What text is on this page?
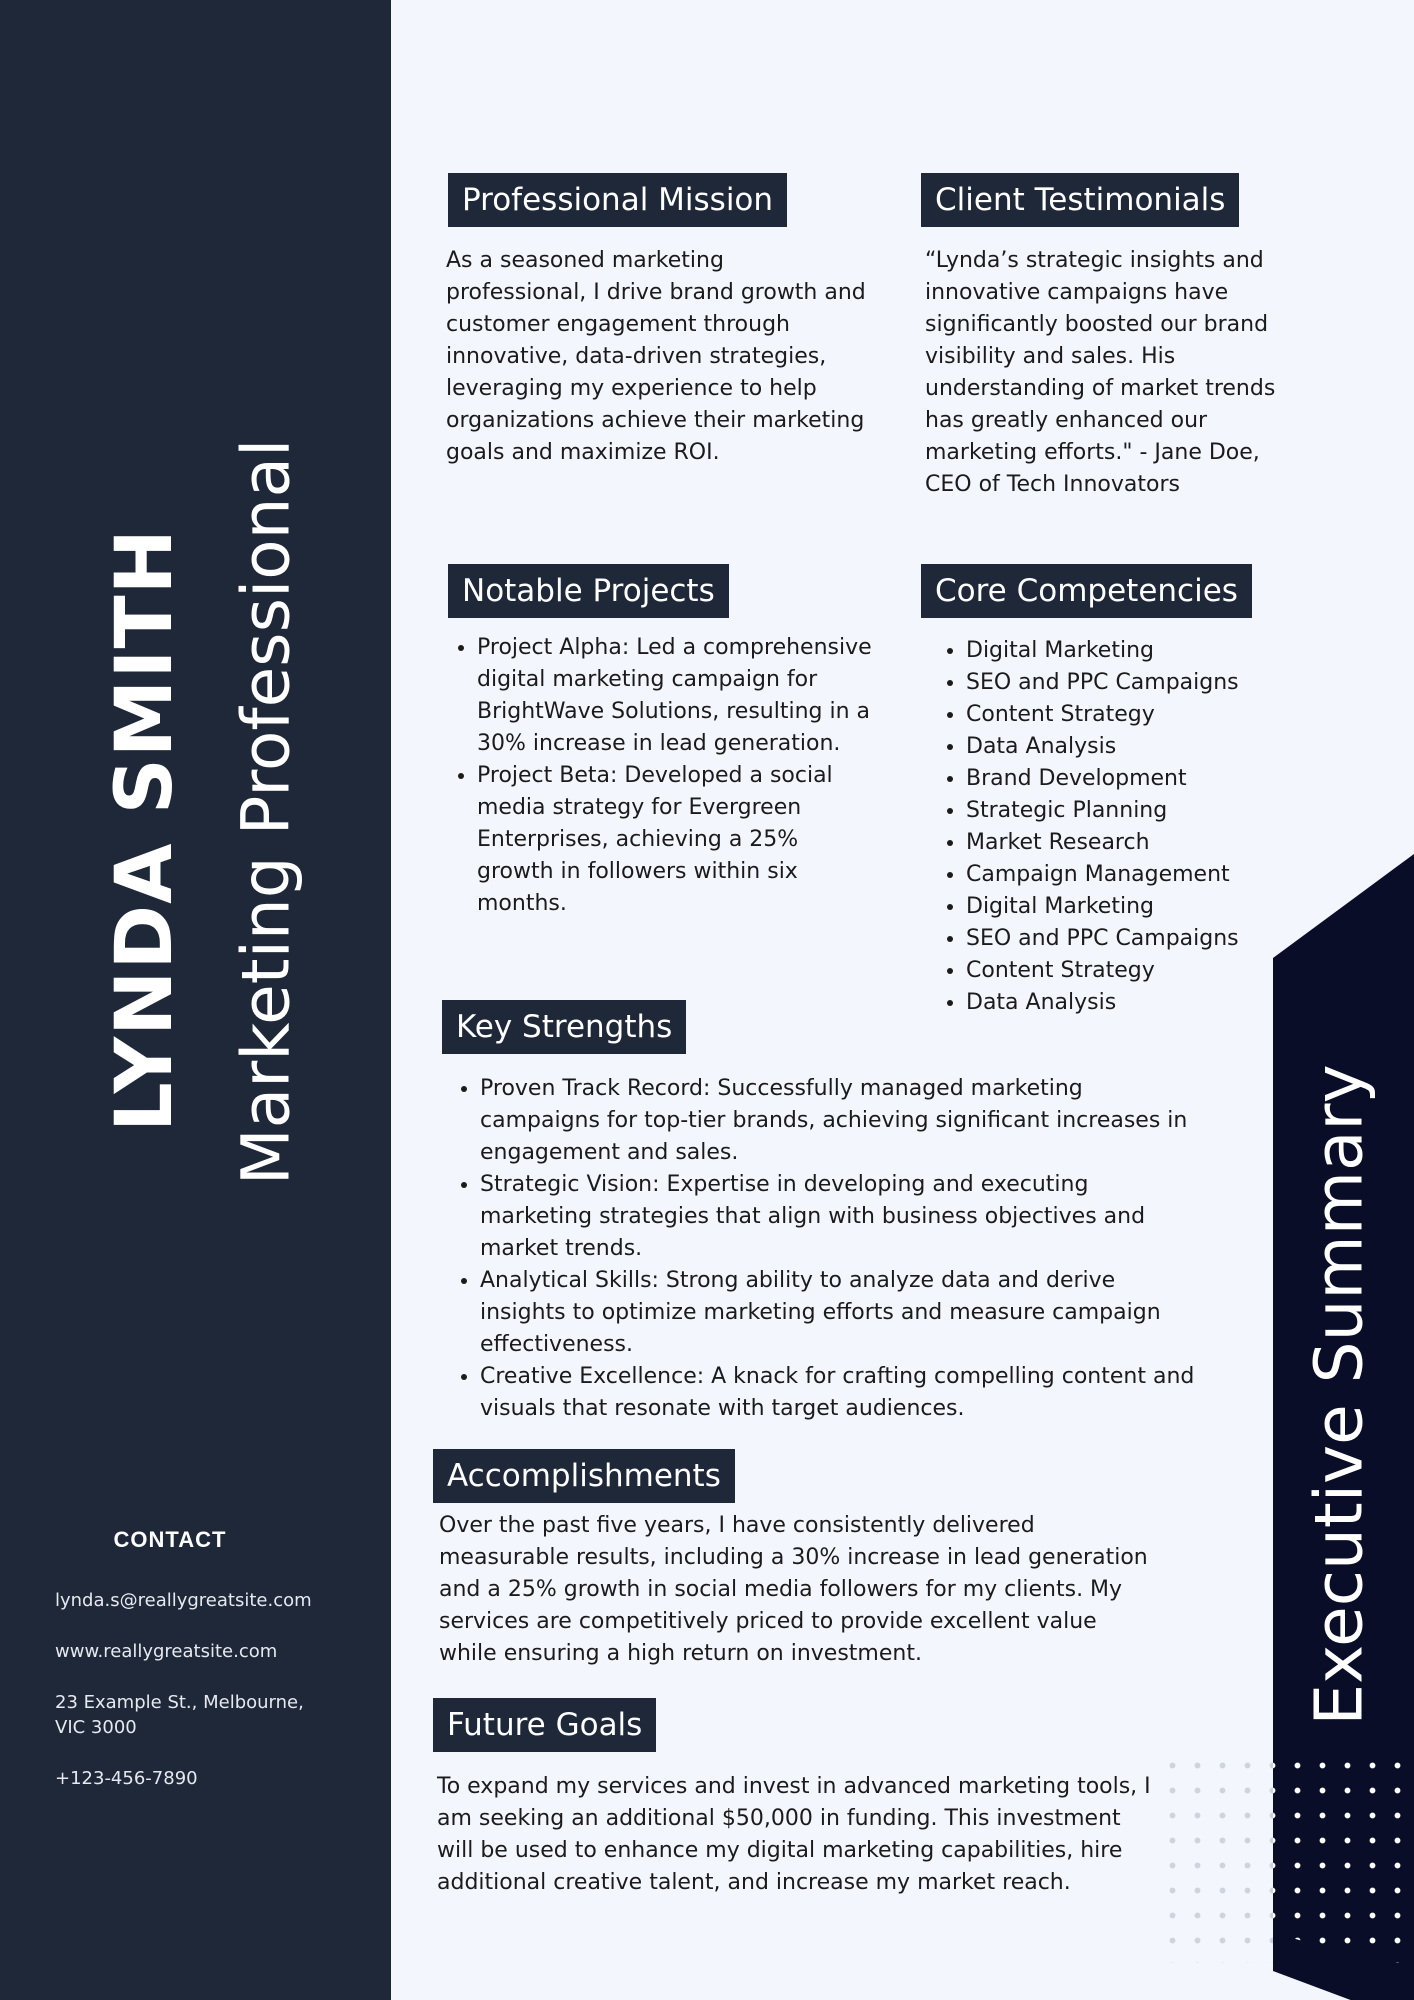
LYNDA SMITH Marketing Professional
CONTACT
lynda.s@reallygreatsite.com
www.reallygreatsite.com
23 Example St., Melbourne,
VIC 3000
+123-456-7890
Professional Mission

As a seasoned marketing professional, I drive brand growth and customer engagement through innovative, data-driven strategies, leveraging my experience to help organizations achieve their marketing goals and maximize ROI.

Client Testimonials

“Lynda’s strategic insights and innovative campaigns have significantly boosted our brand visibility and sales. His understanding of market trends has greatly enhanced our marketing efforts." - Jane Doe, CEO of Tech Innovators

Notable Projects
• Project Alpha: Led a comprehensive digital marketing campaign for BrightWave Solutions, resulting in a 30% increase in lead generation.
• Project Beta: Developed a social media strategy for Evergreen Enterprises, achieving a 25% growth in followers within six months.
Core Competencies
• Digital Marketing
• SEO and PPC Campaigns
• Content Strategy
• Data Analysis
• Brand Development
• Strategic Planning
• Market Research
• Campaign Management
• Digital Marketing
• SEO and PPC Campaigns
• Content Strategy
• Data Analysis
Key Strengths
• Proven Track Record: Successfully managed marketing campaigns for top-tier brands, achieving significant increases in engagement and sales.
• Strategic Vision: Expertise in developing and executing marketing strategies that align with business objectives and market trends.
• Analytical Skills: Strong ability to analyze data and derive insights to optimize marketing efforts and measure campaign effectiveness.
• Creative Excellence: A knack for crafting compelling content and visuals that resonate with target audiences.
Accomplishments

Over the past five years, I have consistently delivered measurable results, including a 30% increase in lead generation and a 25% growth in social media followers for my clients. My services are competitively priced to provide excellent value while ensuring a high return on investment.

Future Goals

To expand my services and invest in advanced marketing tools, I am seeking an additional $50,000 in funding. This investment will be used to enhance my digital marketing capabilities, hire additional creative talent, and increase my market reach.

Executive Summary
